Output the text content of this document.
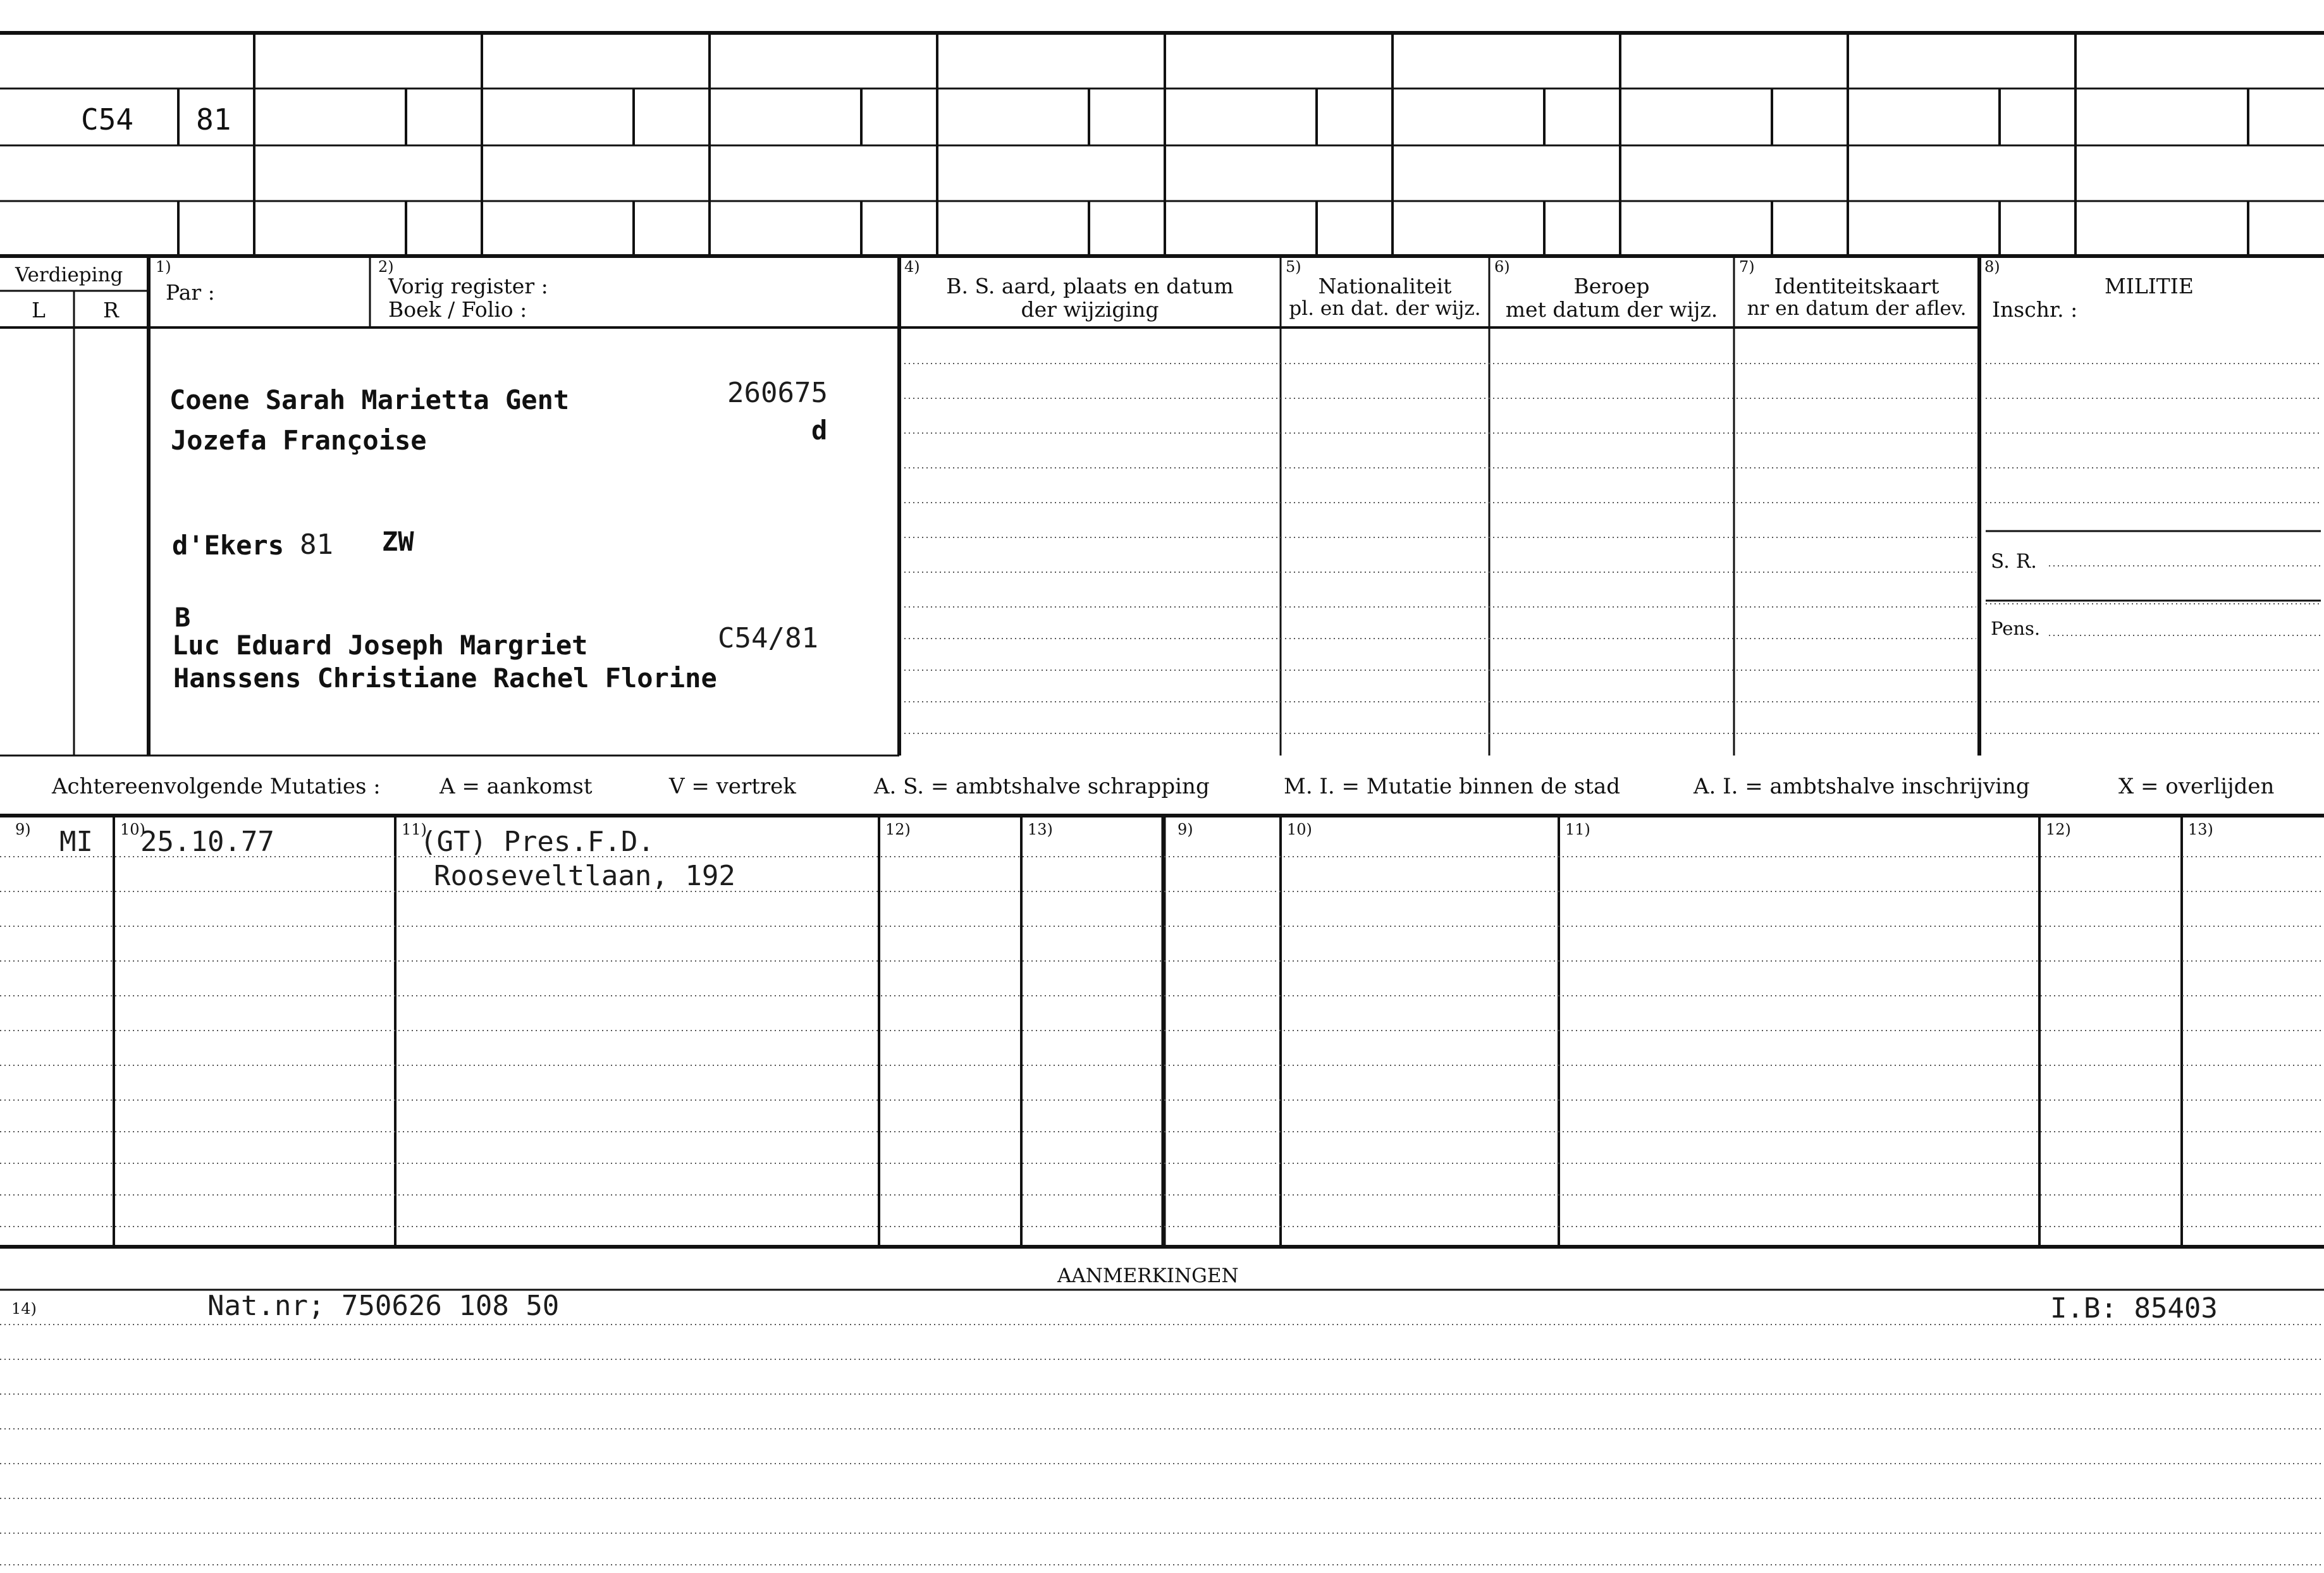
C54 81
Verdieping
L	R
1)
Par :
2)
Vorig register :
Boek / Folio :
4)
B. S. aard, plaats en datum
der wijziging
5)
Nationaliteit
pl. en dat. der wijz.
6)
Beroep
met datum der wijz.
7)
Identiteitskaart
nr en datum der aflev.
8)
MILITIE
Inschr. :
S. R.
Pens.
Coene Sarah Marietta Gent	260675
Jozefa Françoise	d
d'Ekers 81 ZW
B
Luc Eduard Joseph Margriet	C54/81
Hanssens Christiane Rachel Florine
Achtereenvolgende Mutaties :	A = aankomst	V = vertrek	A. S. = ambtshalve schrapping	M. I. = Mutatie binnen de stad	A. I. = ambtshalve inschrijving	X = overlijden
9)	10)	11)	12)	13)	9)	10)	11)	12)	13)
MI 25.10.77	(GT) Pres.F.D.
Rooseveltlaan, 192
AANMERKINGEN
14)	Nat.nr; 750626 108 50	I.B: 85403
